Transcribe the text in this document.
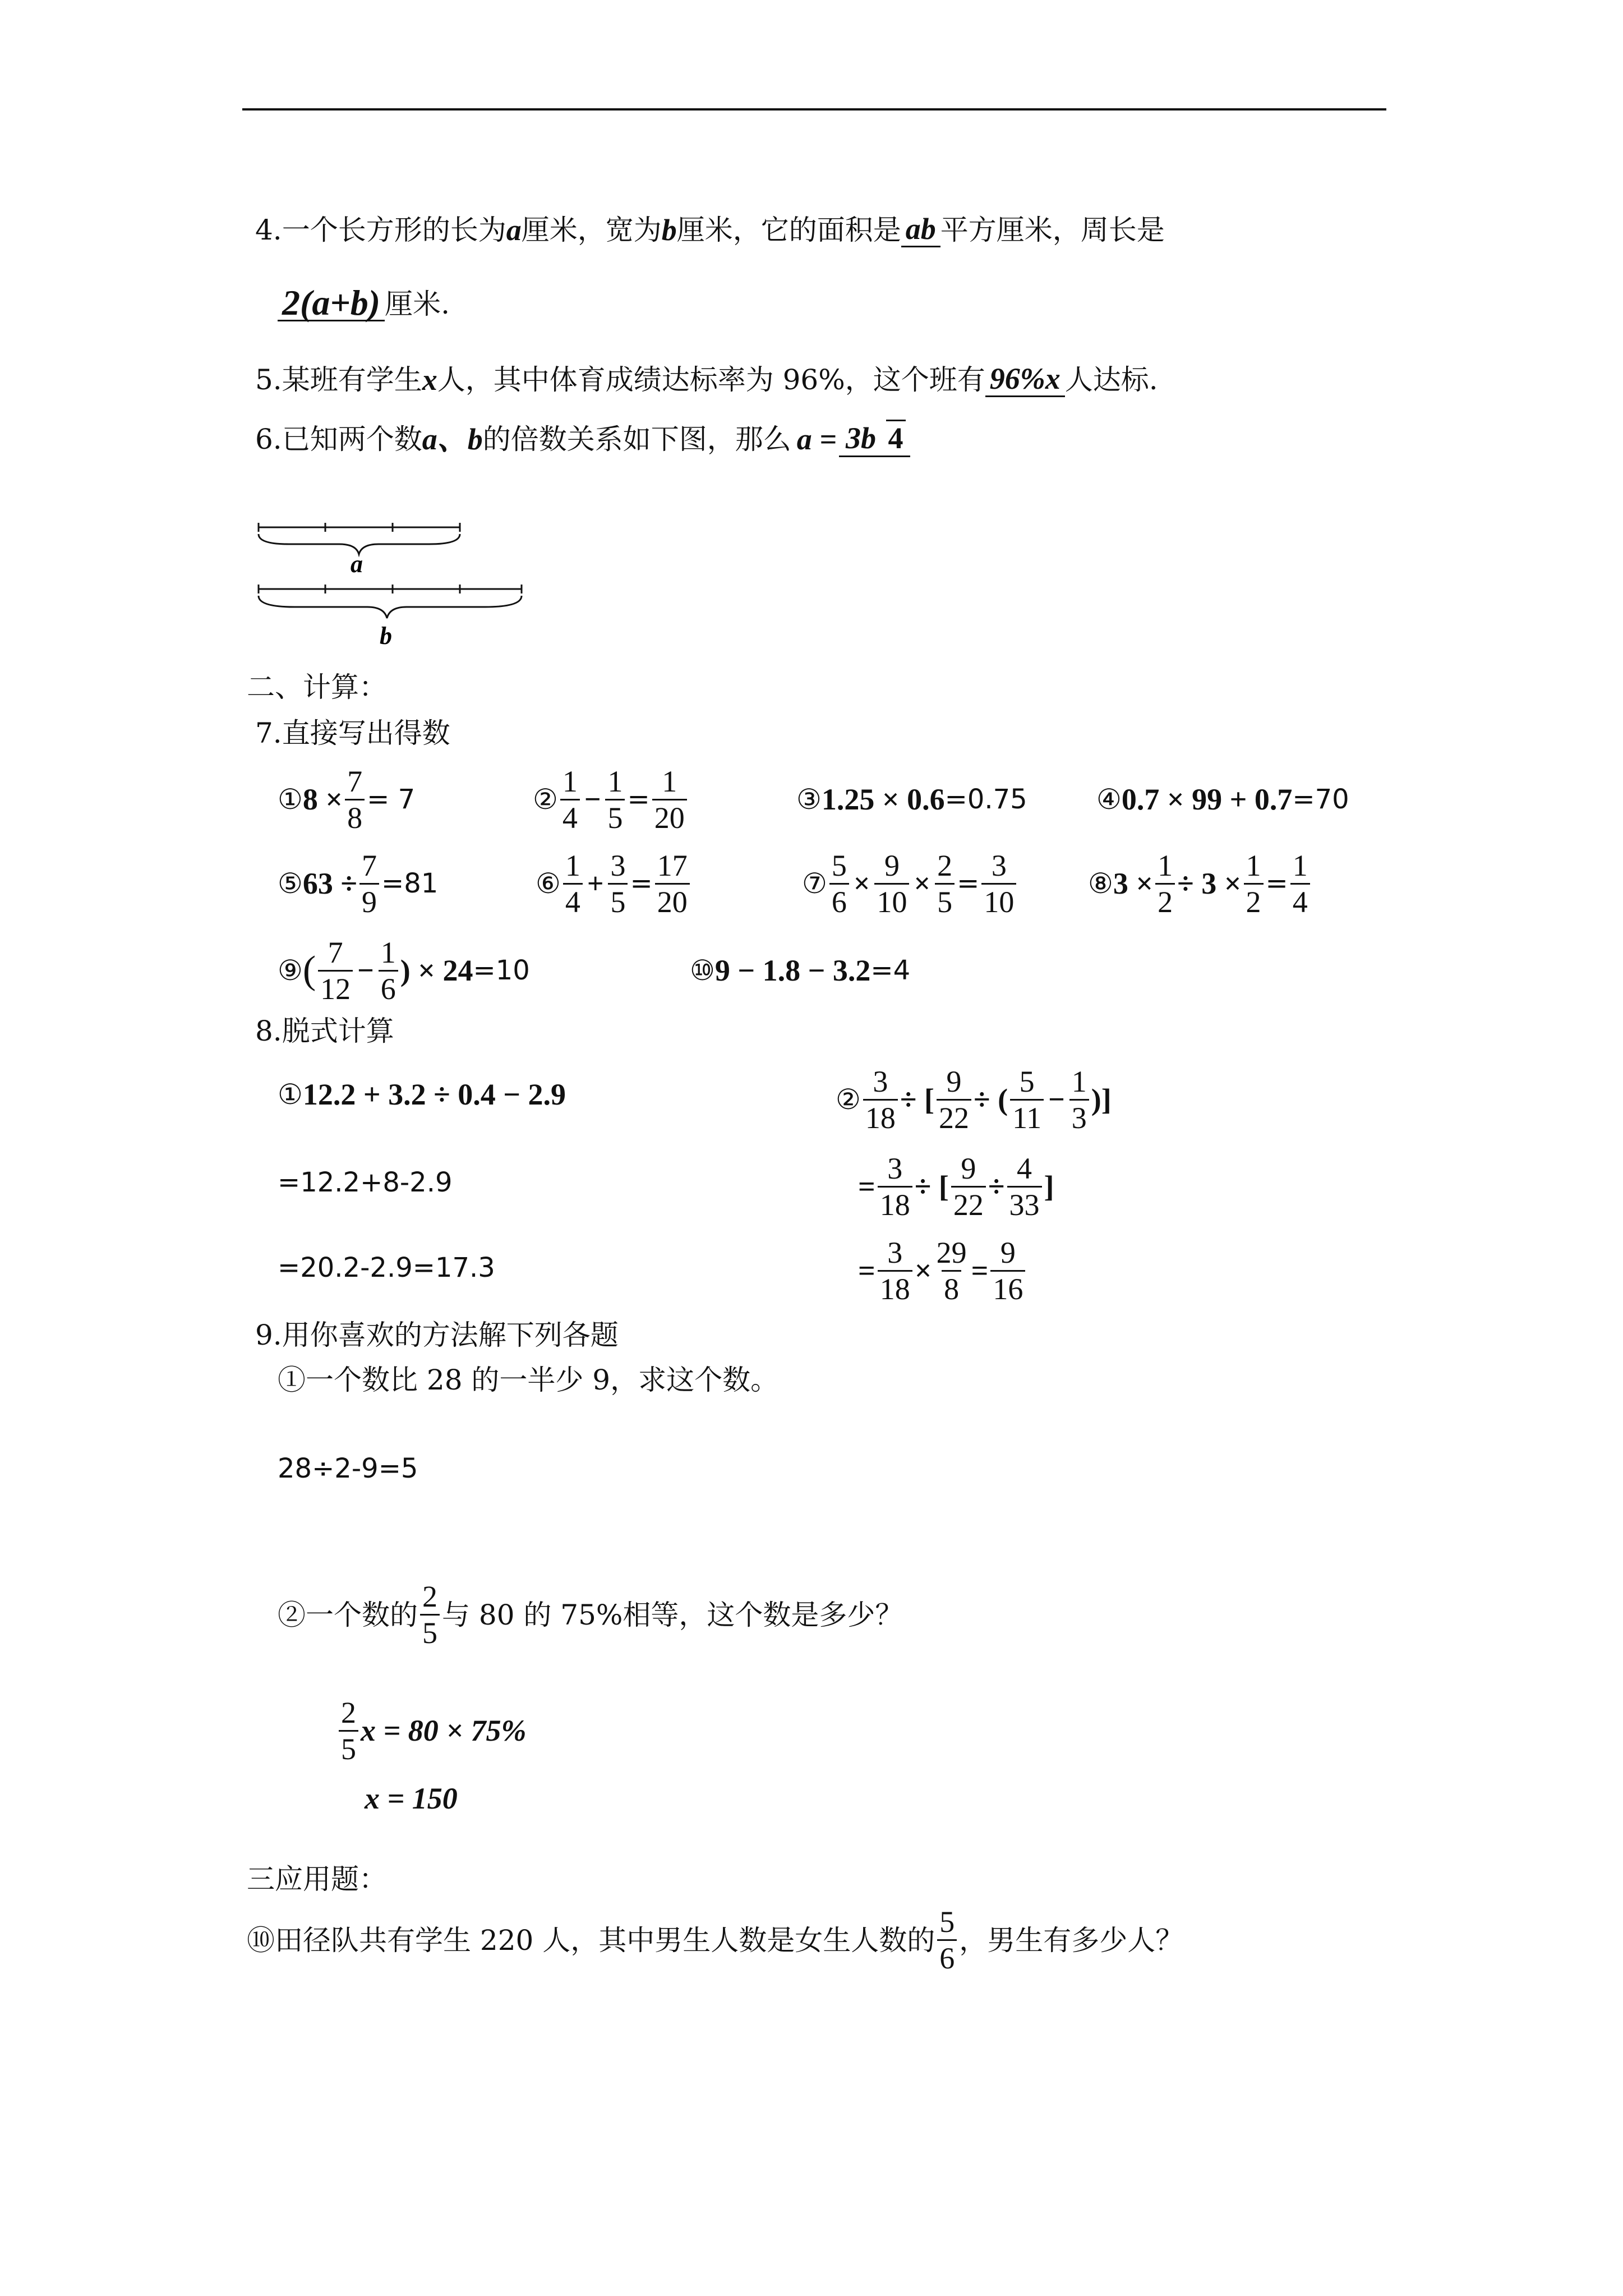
4.一个长方形的长为 a 厘米，宽为 b 厘米，它的面积是 ab 平方厘米，周长是
2(a+b) 厘米.
5.某班有学生 x 人，其中体育成绩达标率为 96%，这个班有 96%x 人达标.
6.已知两个数 a、b 的倍数关系如下图，那么 a = 3b 4
a
b
二、计算：
7.直接写出得数
① $8 \times \frac{7}{8} = 7$	② $\frac{1}{4} - \frac{1}{5} = \frac{1}{20}$	③ 1.25 × 0.6 =0.75 ④ 0.7 × 99 + 0.7 =70
⑤ $63 \div \frac{7}{9} =81$	⑥ $\frac{1}{4} + \frac{3}{5} = \frac{17}{20}$	⑦ $\frac{5}{6} \times \frac{9}{10} \times \frac{2}{5} = \frac{3}{10}$	⑧ $3 \times \frac{1}{2} \div 3 \times \frac{1}{2} = \frac{1}{4}$
⑨ ( $\frac{7}{12} - \frac{1}{6}$ ) × 24 =10	⑩ 9 − 1.8 − 3.2 =4
8.脱式计算
① 12.2 + 3.2 ÷ 0.4 − 2.9
=12.2+8-2.9
=20.2-2.9=17.3
② $\frac{3}{18}$ ÷ [ $\frac{9}{22}$ ÷ ( $\frac{5}{11} - \frac{1}{3}$ )]
= $\frac{3}{18}$ ÷ [ $\frac{9}{22} \div \frac{4}{33}$ ]
= $\frac{3}{18} \times \frac{29}{8} = \frac{9}{16}$
9.用你喜欢的方法解下列各题
①一个数比 28 的一半少 9，求这个数。
28÷2-9=5
②一个数的 $\frac{2}{5}$ 与 80 的 75%相等，这个数是多少？
$\frac{2}{5}$ x = 80 × 75%
x = 150
三应用题：
⑩田径队共有学生 220 人，其中男生人数是女生人数的 $\frac{5}{6}$ ，男生有多少人？
